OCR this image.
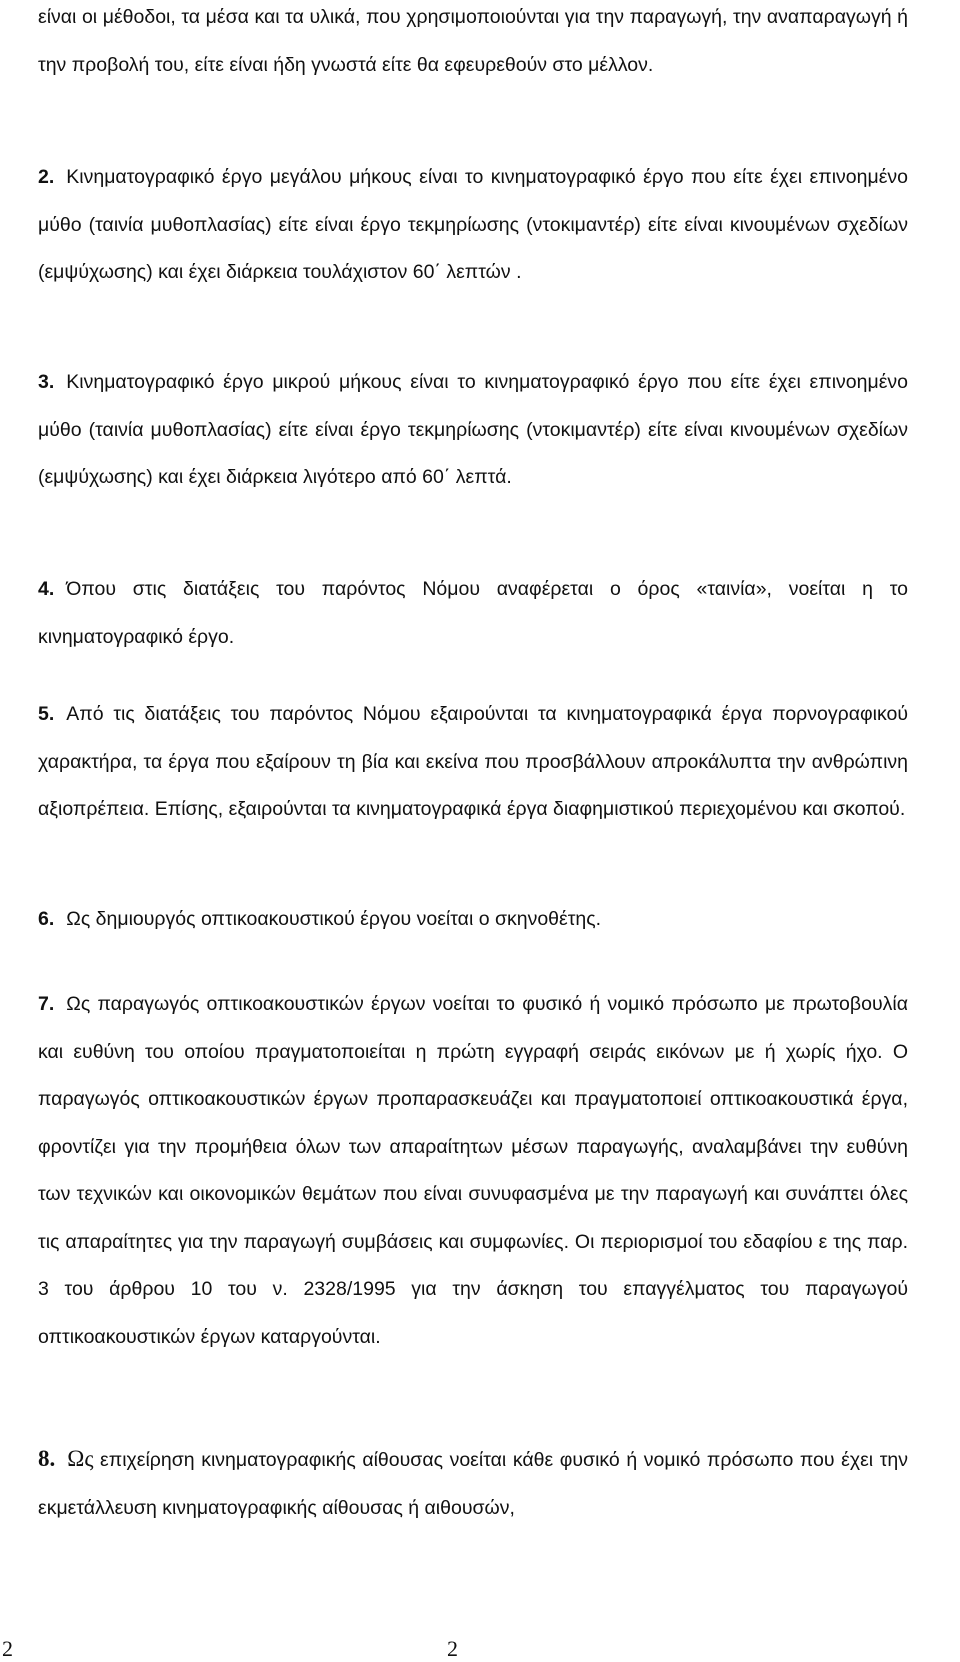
είναι οι μέθοδοι, τα μέσα και τα υλικά, που χρησιμοποιούνται για την παραγωγή, την αναπαραγωγή ή την προβολή του, είτε είναι ήδη γνωστά είτε θα εφευρεθούν στο μέλλον.

2. Κινηματογραφικό έργο μεγάλου μήκους είναι το κινηματογραφικό έργο που είτε έχει επινοημένο μύθο (ταινία μυθοπλασίας) είτε είναι έργο τεκμηρίωσης (ντοκιμαντέρ) είτε είναι κινουμένων σχεδίων (εμψύχωσης) και έχει διάρκεια τουλάχιστον 60΄ λεπτών .

3. Κινηματογραφικό έργο μικρού μήκους είναι το κινηματογραφικό έργο που είτε έχει επινοημένο μύθο (ταινία μυθοπλασίας) είτε είναι έργο τεκμηρίωσης (ντοκιμαντέρ) είτε είναι κινουμένων σχεδίων (εμψύχωσης) και έχει διάρκεια λιγότερο από 60΄ λεπτά.

4. Όπου στις διατάξεις του παρόντος Νόμου αναφέρεται ο όρος «ταινία», νοείται η το κινηματογραφικό έργο.

5. Από τις διατάξεις του παρόντος Νόμου εξαιρούνται τα κινηματογραφικά έργα πορνογραφικού χαρακτήρα, τα έργα που εξαίρουν τη βία και εκείνα που προσβάλλουν απροκάλυπτα την ανθρώπινη αξιοπρέπεια. Επίσης, εξαιρούνται τα κινηματογραφικά έργα διαφημιστικού περιεχομένου και σκοπού.

6. Ως δημιουργός οπτικοακουστικού έργου νοείται ο σκηνοθέτης.

7. Ως παραγωγός οπτικοακουστικών έργων νοείται το φυσικό ή νομικό πρόσωπο με πρωτοβουλία και ευθύνη του οποίου πραγματοποιείται η πρώτη εγγραφή σειράς εικόνων με ή χωρίς ήχο. Ο παραγωγός οπτικοακουστικών έργων προπαρασκευάζει και πραγματοποιεί οπτικοακουστικά έργα, φροντίζει για την προμήθεια όλων των απαραίτητων μέσων παραγωγής, αναλαμβάνει την ευθύνη των τεχνικών και οικονομικών θεμάτων που είναι συνυφασμένα με την παραγωγή και συνάπτει όλες τις απαραίτητες για την παραγωγή συμβάσεις και συμφωνίες. Οι περιορισμοί του εδαφίου ε της παρ. 3 του άρθρου 10 του ν. 2328/1995 για την άσκηση του επαγγέλματος του παραγωγού οπτικοακουστικών έργων καταργούνται.

8. Ως επιχείρηση κινηματογραφικής αίθουσας νοείται κάθε φυσικό ή νομικό πρόσωπο που έχει την εκμετάλλευση κινηματογραφικής αίθουσας ή αιθουσών,

2	2
